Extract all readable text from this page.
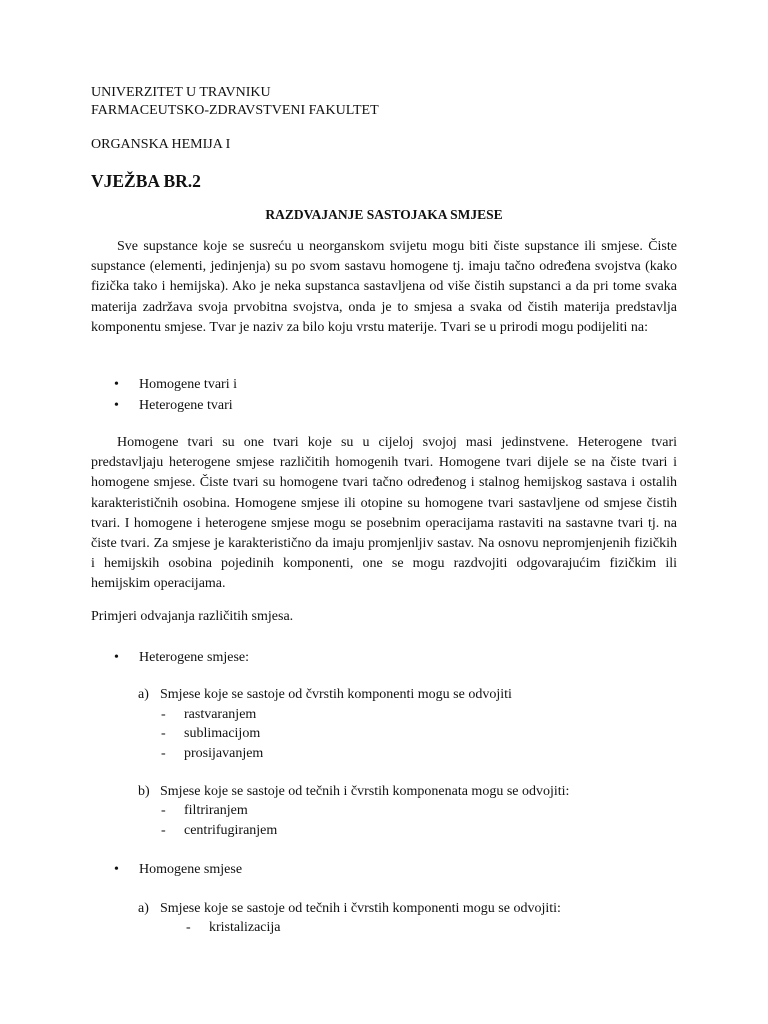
UNIVERZITET U TRAVNIKU
FARMACEUTSKO-ZDRAVSTVENI FAKULTET
ORGANSKA HEMIJA I
VJEŽBA BR.2
RAZDVAJANJE SASTOJAKA SMJESE

Sve supstance koje se susreću u neorganskom svijetu mogu biti čiste supstance ili smjese. Čiste supstance (elementi, jedinjenja) su po svom sastavu homogene tj. imaju tačno određena svojstva (kako fizička tako i hemijska). Ako je neka supstanca sastavljena od više čistih supstanci a da pri tome svaka materija zadržava svoja prvobitna svojstva, onda je to smjesa a svaka od čistih materija predstavlja komponentu smjese. Tvar je naziv za bilo koju vrstu materije. Tvari se u prirodi mogu podijeliti na:

• Homogene tvari i
• Heterogene tvari

Homogene tvari su one tvari koje su u cijeloj svojoj masi jedinstvene. Heterogene tvari predstavljaju heterogene smjese različitih homogenih tvari. Homogene tvari dijele se na čiste tvari i homogene smjese. Čiste tvari su homogene tvari tačno određenog i stalnog hemijskog sastava i ostalih karakterističnih osobina. Homogene smjese ili otopine su homogene tvari sastavljene od smjese čistih tvari. I homogene i heterogene smjese mogu se posebnim operacijama rastaviti na sastavne tvari tj. na čiste tvari. Za smjese je karakteristično da imaju promjenljiv sastav. Na osnovu nepromjenjenih fizičkih i hemijskih osobina pojedinih komponenti, one se mogu razdvojiti odgovarajućim fizičkim ili hemijskim operacijama.

Primjeri odvajanja različitih smjesa.

• Heterogene smjese:
a) Smjese koje se sastoje od čvrstih komponenti mogu se odvojiti
- rastvaranjem
- sublimacijom
- prosijavanjem
b) Smjese koje se sastoje od tečnih i čvrstih komponenata mogu se odvojiti:
- filtriranjem
- centrifugiranjem
• Homogene smjese
a) Smjese koje se sastoje od tečnih i čvrstih komponenti mogu se odvojiti:
- kristalizacija
